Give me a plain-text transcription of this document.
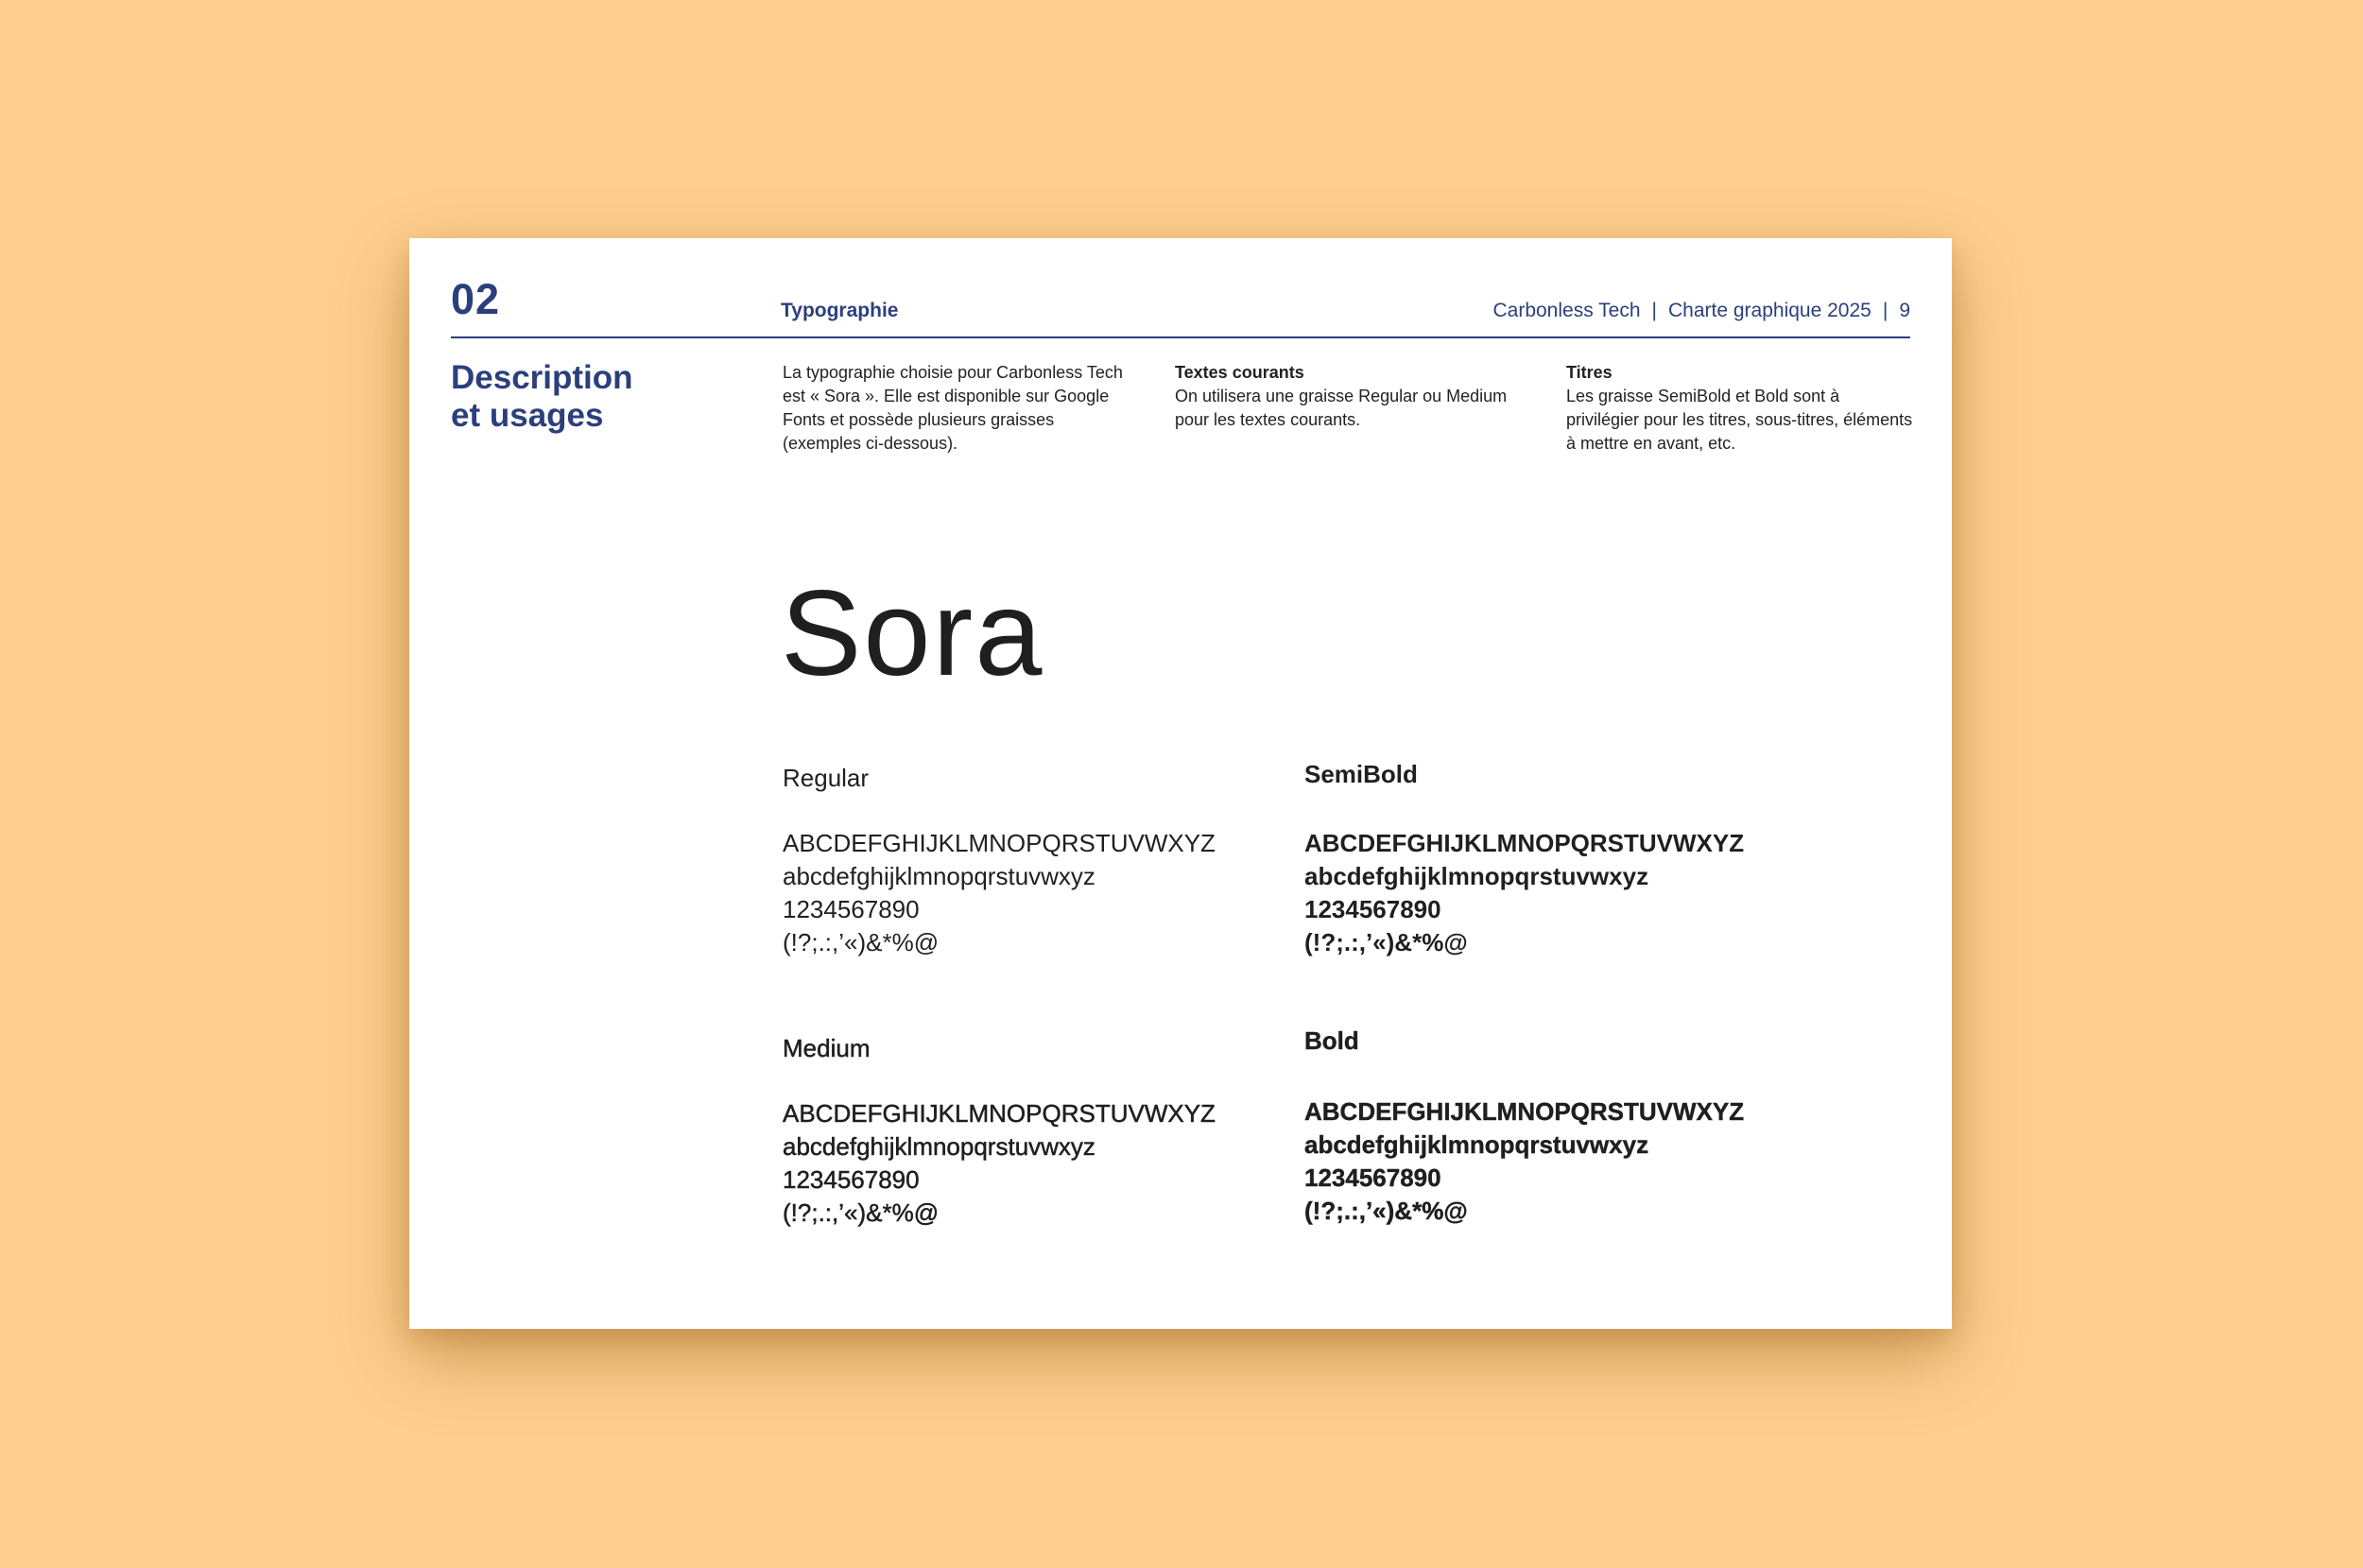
02	Typographie	Carbonless Tech | Charte graphique 2025 | 9
Description
et usages
La typographie choisie pour Carbonless Tech est « Sora ». Elle est disponible sur Google Fonts et possède plusieurs graisses (exemples ci-dessous).
Textes courants
On utilisera une graisse Regular ou Medium pour les textes courants.
Titres
Les graisse SemiBold et Bold sont à privilégier pour les titres, sous-titres, éléments à mettre en avant, etc.
Sora
Regular
ABCDEFGHIJKLMNOPQRSTUVWXYZ
abcdefghijklmnopqrstuvwxyz
1234567890
(!?;.:,’«)&*%@
SemiBold
ABCDEFGHIJKLMNOPQRSTUVWXYZ
abcdefghijklmnopqrstuvwxyz
1234567890
(!?;.:,’«)&*%@
Medium
ABCDEFGHIJKLMNOPQRSTUVWXYZ
abcdefghijklmnopqrstuvwxyz
1234567890
(!?;.:,’«)&*%@
Bold
ABCDEFGHIJKLMNOPQRSTUVWXYZ
abcdefghijklmnopqrstuvwxyz
1234567890
(!?;.:,’«)&*%@
